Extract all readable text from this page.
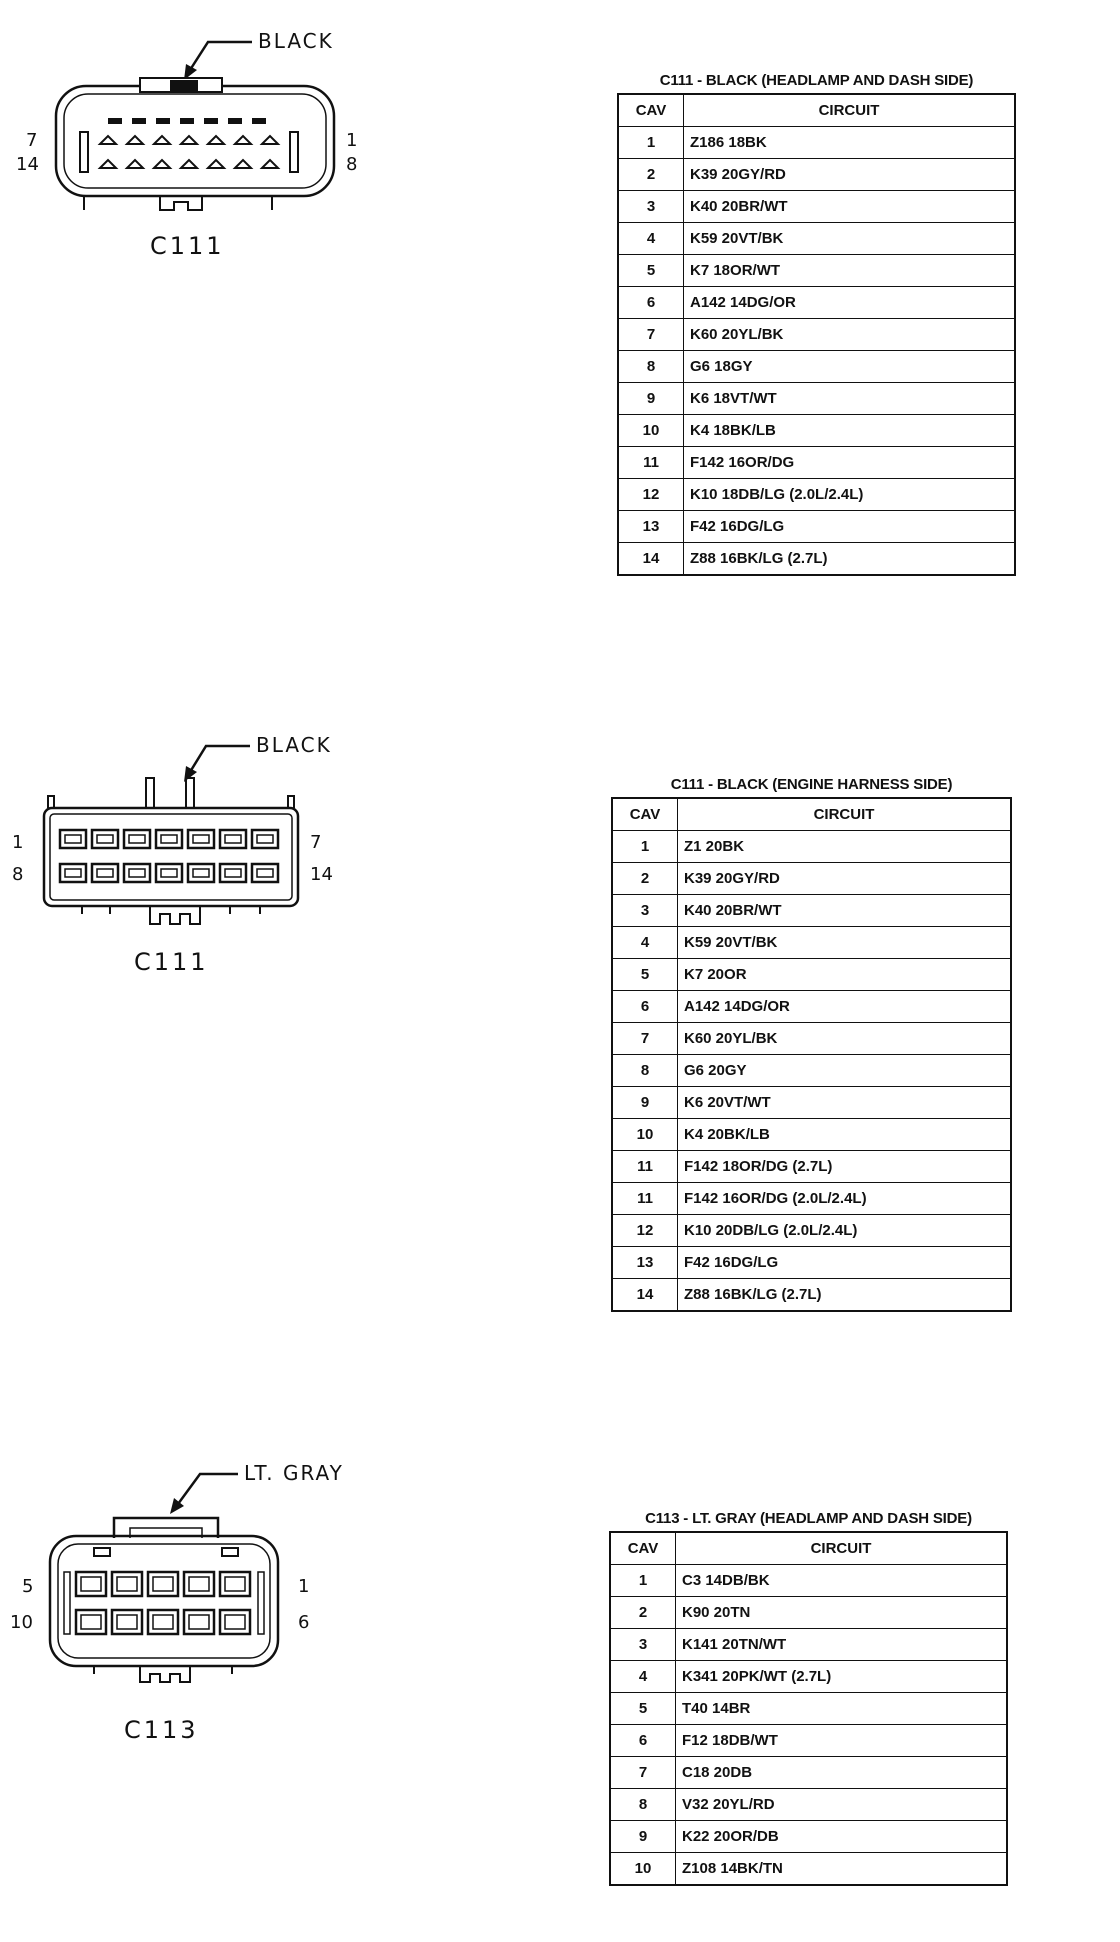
BLACK
7
14
1
8
C111
C111 - BLACK (HEADLAMP AND DASH SIDE)
CAV	CIRCUIT
1	Z186 18BK
2	K39 20GY/RD
3	K40 20BR/WT
4	K59 20VT/BK
5	K7 18OR/WT
6	A142 14DG/OR
7	K60 20YL/BK
8	G6 18GY
9	K6 18VT/WT
10	K4 18BK/LB
11	F142 16OR/DG
12	K10 18DB/LG (2.0L/2.4L)
13	F42 16DG/LG
14	Z88 16BK/LG (2.7L)
BLACK
1
8
7
14
C111
C111 - BLACK (ENGINE HARNESS SIDE)
CAV	CIRCUIT
1	Z1 20BK
2	K39 20GY/RD
3	K40 20BR/WT
4	K59 20VT/BK
5	K7 20OR
6	A142 14DG/OR
7	K60 20YL/BK
8	G6 20GY
9	K6 20VT/WT
10	K4 20BK/LB
11	F142 18OR/DG (2.7L)
11	F142 16OR/DG (2.0L/2.4L)
12	K10 20DB/LG (2.0L/2.4L)
13	F42 16DG/LG
14	Z88 16BK/LG (2.7L)
LT. GRAY
5
10
1
6
C113
C113 - LT. GRAY (HEADLAMP AND DASH SIDE)
CAV	CIRCUIT
1	C3 14DB/BK
2	K90 20TN
3	K141 20TN/WT
4	K341 20PK/WT (2.7L)
5	T40 14BR
6	F12 18DB/WT
7	C18 20DB
8	V32 20YL/RD
9	K22 20OR/DB
10	Z108 14BK/TN
